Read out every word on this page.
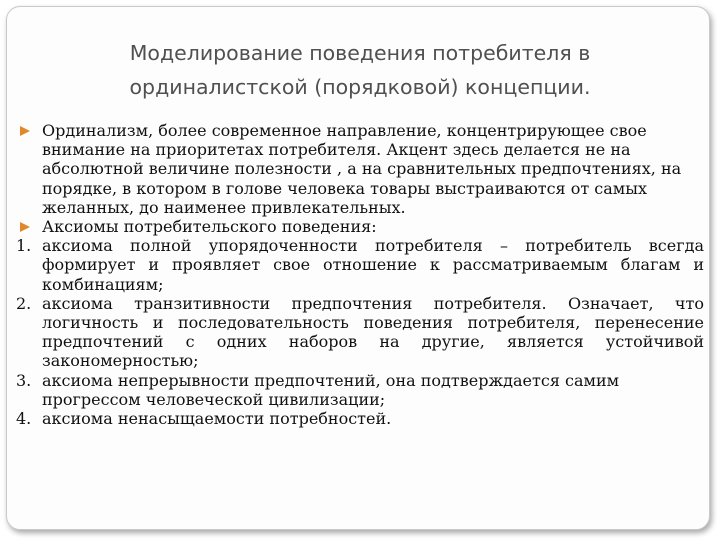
Моделирование поведения потребителя в
ординалистской (порядковой) концепции.
Ординализм, более современное направление, концентрирующее свое внимание на приоритетах потребителя. Акцент здесь делается не на абсолютной величине полезности , а на сравнительных предпочтениях, на порядке, в котором в голове человека товары выстраиваются от самых желанных, до наименее привлекательных.
Аксиомы потребительского поведения:
1. аксиома полной упорядоченности потребителя – потребитель всегда формирует и проявляет свое отношение к рассматриваемым благам и комбинациям;
2. аксиома транзитивности предпочтения потребителя. Означает, что логичность и последовательность поведения потребителя, перенесение предпочтений с одних наборов на другие, является устойчивой закономерностью;
3. аксиома непрерывности предпочтений, она подтверждается самим прогрессом человеческой цивилизации;
4. аксиома ненасыщаемости потребностей.
